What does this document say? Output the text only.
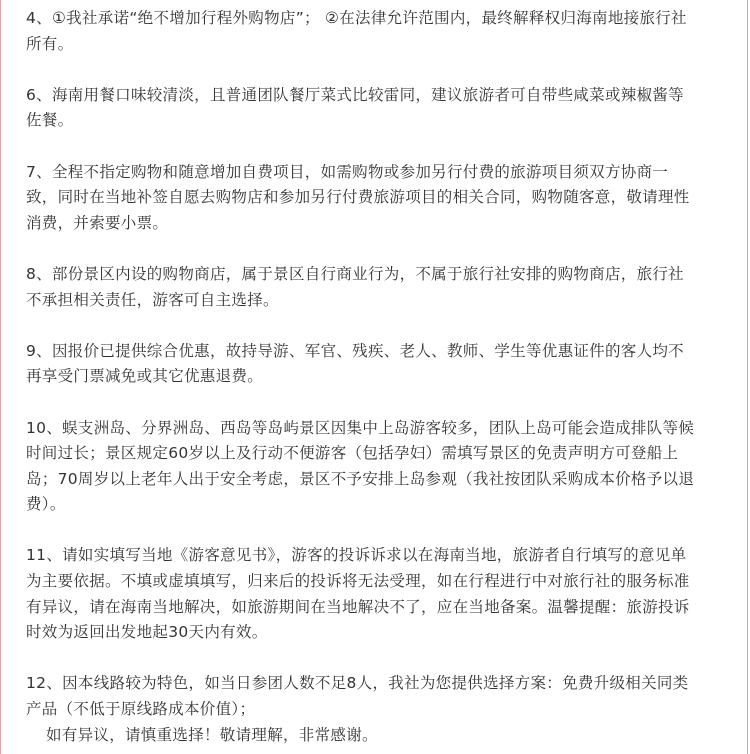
4、①我社承诺“绝不增加行程外购物店”； ②在法律允许范围内，最终解释权归海南地接旅行社
所有。

6、海南用餐口味较清淡，且普通团队餐厅菜式比较雷同，建议旅游者可自带些咸菜或辣椒酱等
佐餐。

7、全程不指定购物和随意增加自费项目，如需购物或参加另行付费的旅游项目须双方协商一
致，同时在当地补签自愿去购物店和参加另行付费旅游项目的相关合同，购物随客意，敬请理性
消费，并索要小票。

8、部份景区内设的购物商店，属于景区自行商业行为，不属于旅行社安排的购物商店，旅行社
不承担相关责任，游客可自主选择。

9、因报价已提供综合优惠，故持导游、军官、残疾、老人、教师、学生等优惠证件的客人均不
再享受门票减免或其它优惠退费。

10、蜈支洲岛、分界洲岛、西岛等岛屿景区因集中上岛游客较多，团队上岛可能会造成排队等候
时间过长；景区规定60岁以上及行动不便游客（包括孕妇）需填写景区的免责声明方可登船上
岛；70周岁以上老年人出于安全考虑，景区不予安排上岛参观（我社按团队采购成本价格予以退
费）。

11、请如实填写当地《游客意见书》，游客的投诉诉求以在海南当地，旅游者自行填写的意见单
为主要依据。不填或虚填填写，归来后的投诉将无法受理，如在行程进行中对旅行社的服务标准
有异议，请在海南当地解决，如旅游期间在当地解决不了，应在当地备案。温馨提醒：旅游投诉
时效为返回出发地起30天内有效。

12、因本线路较为特色，如当日参团人数不足8人，我社为您提供选择方案：免费升级相关同类
产品（不低于原线路成本价值）；
如有异议，请慎重选择！敬请理解，非常感谢。
